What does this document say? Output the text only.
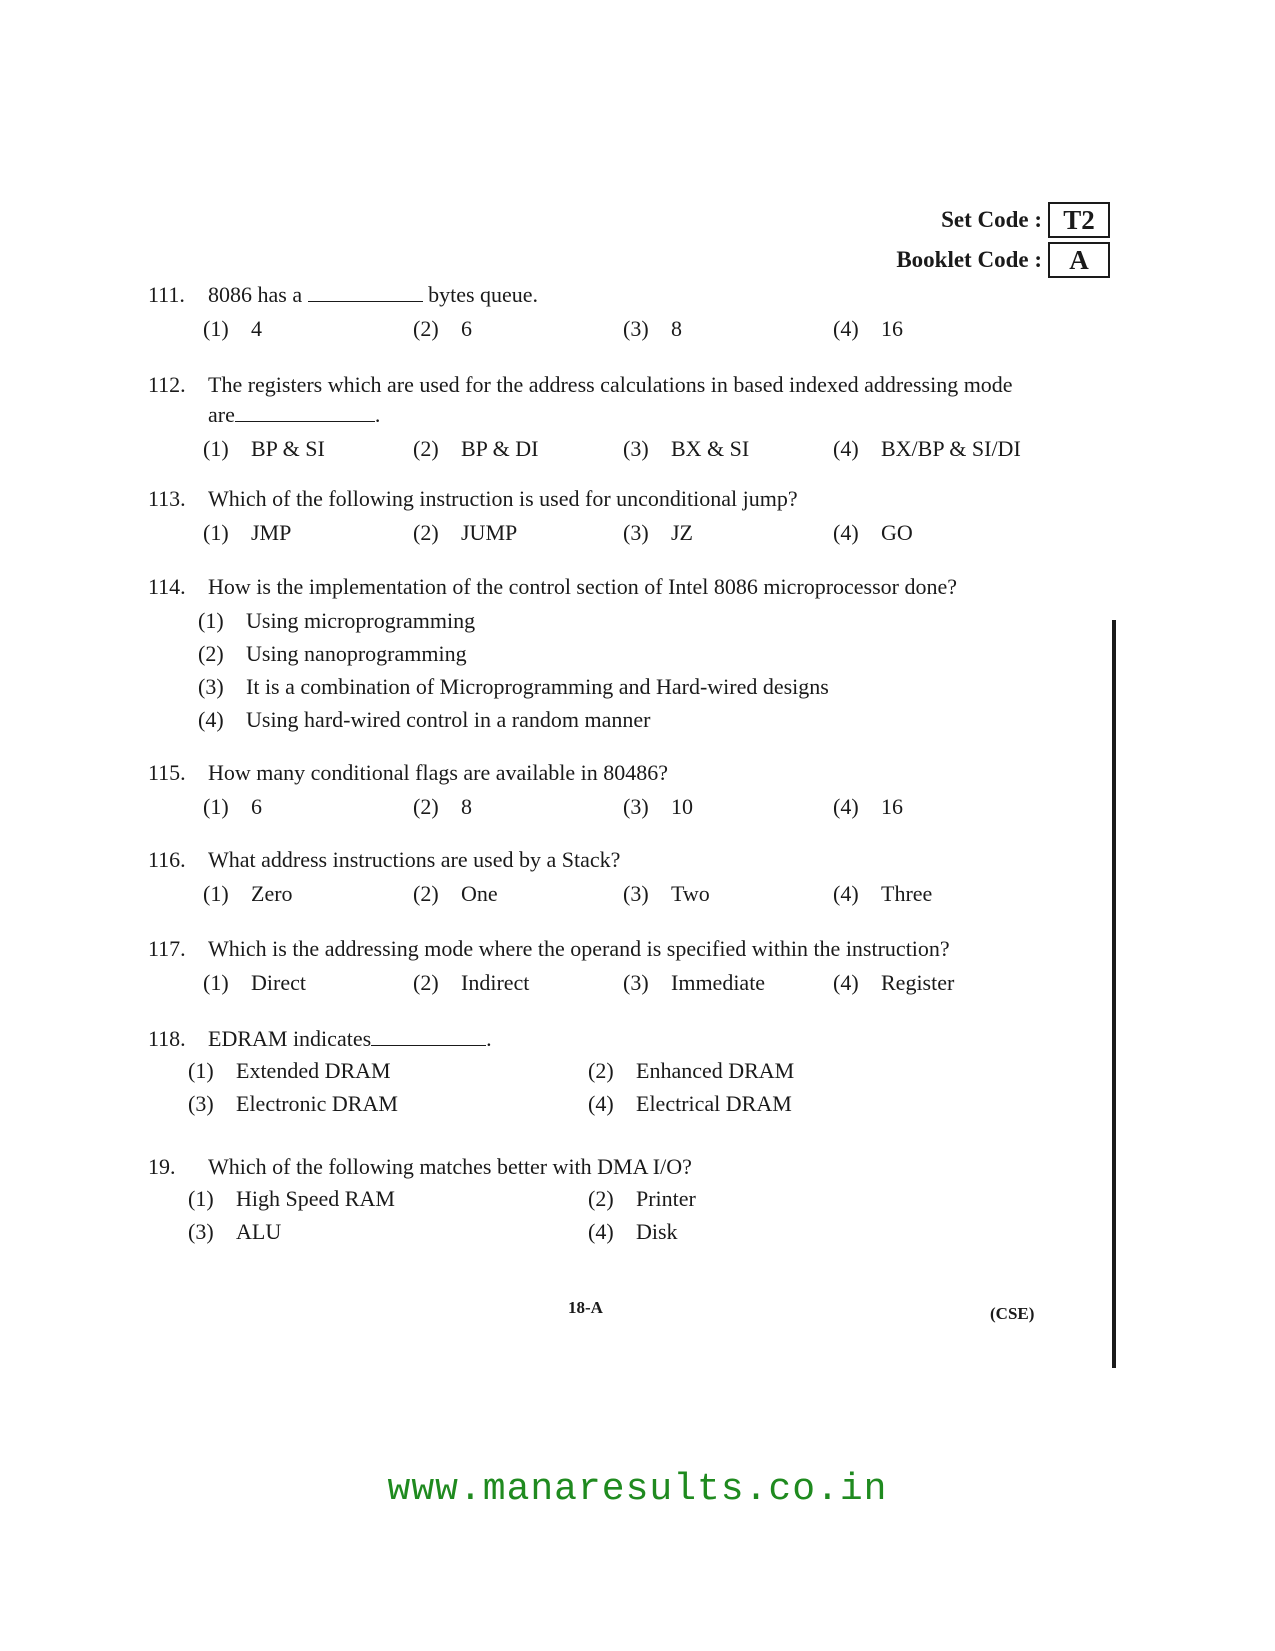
Set Code : T2
Booklet Code :	A
111.	8086 has a	bytes queue.
(1)	4	(2)	6	(3)	8	(4)	16
112.	The registers which are used for the address calculations in based indexed addressing mode
are	.
(1)	BP & SI	(2)	BP & DI	(3)	BX & SI	(4)	BX/BP & SI/DI
113.	Which of the following instruction is used for unconditional jump?
(1)	JMP	(2)	JUMP	(3)	JZ	(4)	GO
114.	How is the implementation of the control section of Intel 8086 microprocessor done?
(1)	Using microprogramming
(2)	Using nanoprogramming
(3)	It is a combination of Microprogramming and Hard-wired designs
(4)	Using hard-wired control in a random manner
115.	How many conditional flags are available in 80486?
(1)	6	(2)	8	(3)	10	(4)	16
116.	What address instructions are used by a Stack?
(1)	Zero	(2)	One	(3)	Two	(4)	Three
117.	Which is the addressing mode where the operand is specified within the instruction?
(1)	Direct	(2)	Indirect	(3)	Immediate	(4)	Register
118.	EDRAM indicates	.
(1)	Extended DRAM	(2)	Enhanced DRAM
(3)	Electronic DRAM	(4)	Electrical DRAM
19.	Which of the following matches better with DMA I/O?
(1)	High Speed RAM	(2)	Printer
(3)	ALU	(4)	Disk
18-A	(CSE)
www.manaresults.co.in
